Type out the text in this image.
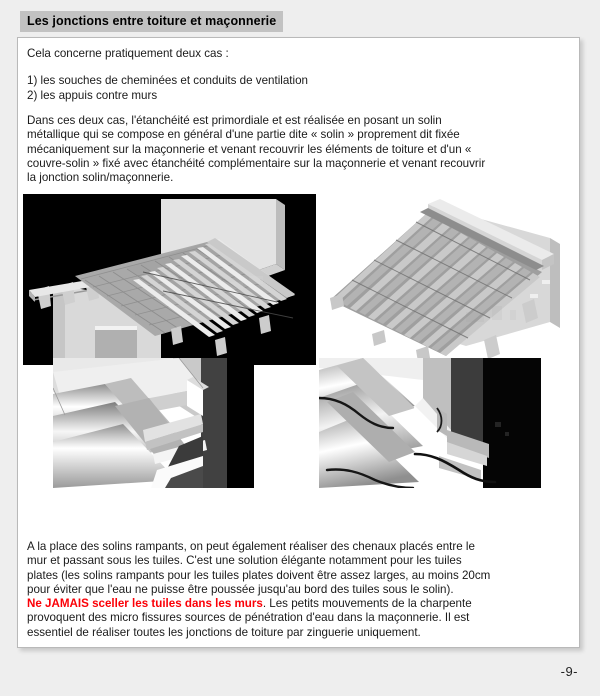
Les jonctions entre toiture et maçonnerie
Cela concerne pratiquement deux cas :
1) les souches de cheminées et conduits de ventilation
2) les appuis contre murs
Dans ces deux cas, l'étanchéité est primordiale et est réalisée en posant un solin
métallique qui se compose en général d'une partie dite « solin » proprement dit fixée
mécaniquement sur la maçonnerie et venant recouvrir les éléments de toiture et d'un «
couvre-solin » fixé avec étanchéité complémentaire sur la maçonnerie et venant recouvrir
la jonction solin/maçonnerie.
A la place des solins rampants, on peut également réaliser des chenaux placés entre le
mur et passant sous les tuiles. C'est une solution élégante notamment pour les tuiles
plates (les solins rampants pour les tuiles plates doivent être assez larges, au moins 20cm
pour éviter que l'eau ne puisse être poussée jusqu'au bord des tuiles sous le solin).
Ne JAMAIS sceller les tuiles dans les murs. Les petits mouvements de la charpente
provoquent des micro fissures sources de pénétration d'eau dans la maçonnerie. Il est
essentiel de réaliser toutes les jonctions de toiture par zinguerie uniquement.
-9-
